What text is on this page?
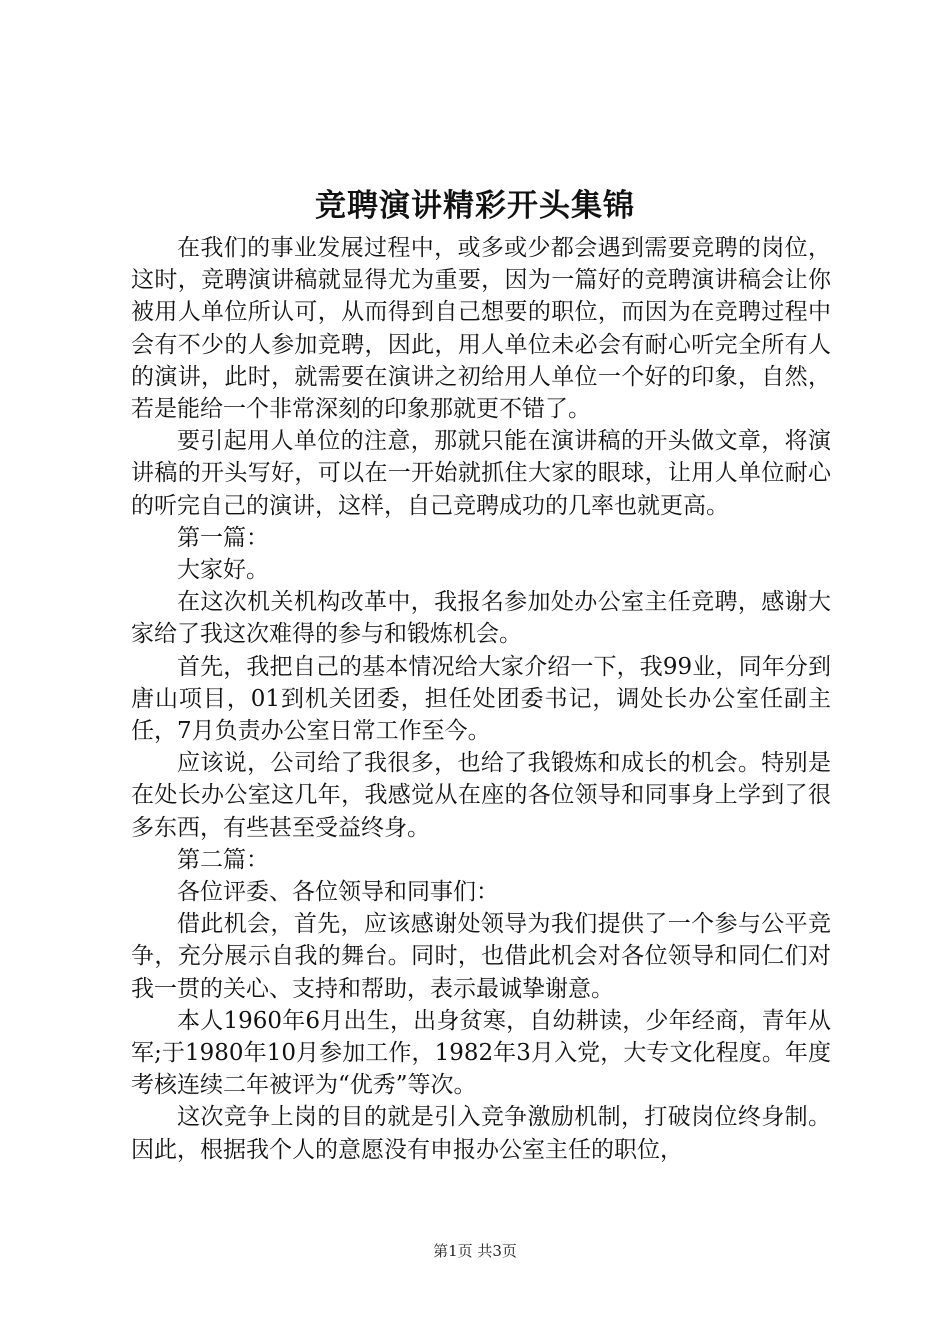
竞聘演讲精彩开头集锦

在我们的事业发展过程中，或多或少都会遇到需要竞聘的岗位，这时，竞聘演讲稿就显得尤为重要，因为一篇好的竞聘演讲稿会让你被用人单位所认可，从而得到自己想要的职位，而因为在竞聘过程中会有不少的人参加竞聘，因此，用人单位未必会有耐心听完全所有人的演讲，此时，就需要在演讲之初给用人单位一个好的印象，自然，若是能给一个非常深刻的印象那就更不错了。

要引起用人单位的注意，那就只能在演讲稿的开头做文章，将演讲稿的开头写好，可以在一开始就抓住大家的眼球，让用人单位耐心的听完自己的演讲，这样，自己竞聘成功的几率也就更高。

第一篇：

大家好。

在这次机关机构改革中，我报名参加处办公室主任竞聘，感谢大家给了我这次难得的参与和锻炼机会。

首先，我把自己的基本情况给大家介绍一下，我99业，同年分到唐山项目，01到机关团委，担任处团委书记，调处长办公室任副主任，7月负责办公室日常工作至今。

应该说，公司给了我很多，也给了我锻炼和成长的机会。特别是在处长办公室这几年，我感觉从在座的各位领导和同事身上学到了很多东西，有些甚至受益终身。

第二篇：

各位评委、各位领导和同事们：

借此机会，首先，应该感谢处领导为我们提供了一个参与公平竞争，充分展示自我的舞台。同时，也借此机会对各位领导和同仁们对我一贯的关心、支持和帮助，表示最诚挚谢意。

本人1960年6月出生，出身贫寒，自幼耕读，少年经商，青年从军;于1980年10月参加工作，1982年3月入党，大专文化程度。年度考核连续二年被评为“优秀”等次。

这次竞争上岗的目的就是引入竞争激励机制，打破岗位终身制。因此，根据我个人的意愿没有申报办公室主任的职位，

第1页 共3页
